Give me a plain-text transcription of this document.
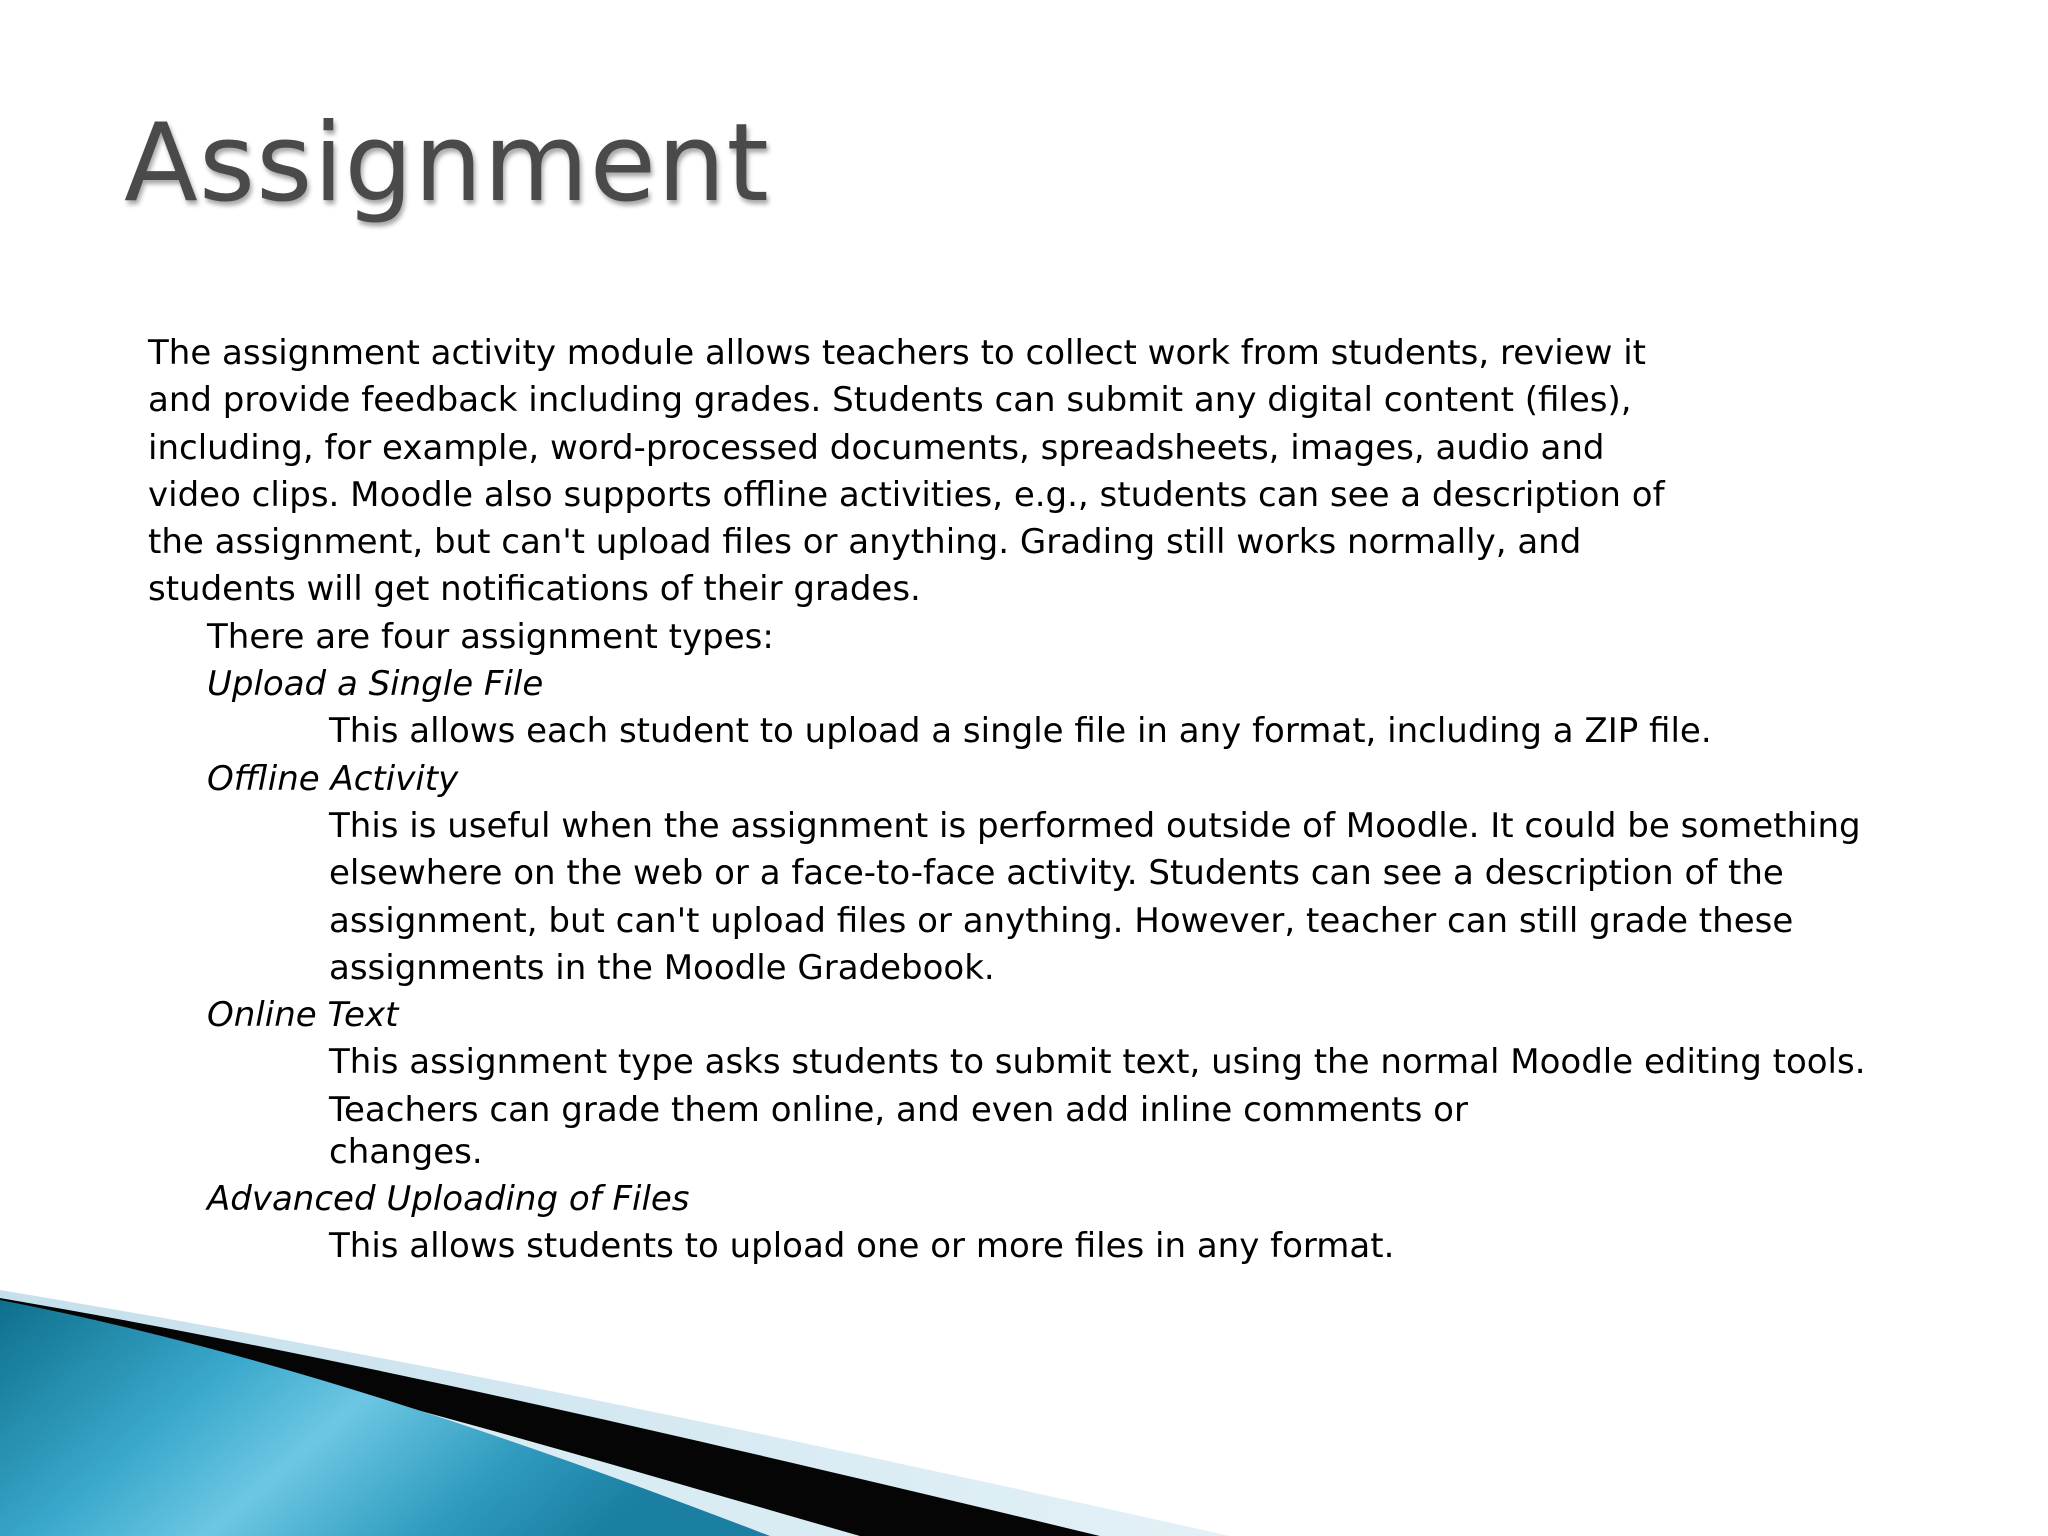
Assignment

The assignment activity module allows teachers to collect work from students, review it and provide feedback including grades. Students can submit any digital content (files), including, for example, word-processed documents, spreadsheets, images, audio and video clips. Moodle also supports offline activities, e.g., students can see a description of the assignment, but can't upload files or anything. Grading still works normally, and students will get notifications of their grades.

There are four assignment types:

Upload a Single File

This allows each student to upload a single file in any format, including a ZIP file.

Offline Activity

This is useful when the assignment is performed outside of Moodle. It could be something elsewhere on the web or a face-to-face activity. Students can see a description of the assignment, but can't upload files or anything. However, teacher can still grade these assignments in the Moodle Gradebook.

Online Text

This assignment type asks students to submit text, using the normal Moodle editing tools. Teachers can grade them online, and even add inline comments or
changes.

Advanced Uploading of Files

This allows students to upload one or more files in any format.
